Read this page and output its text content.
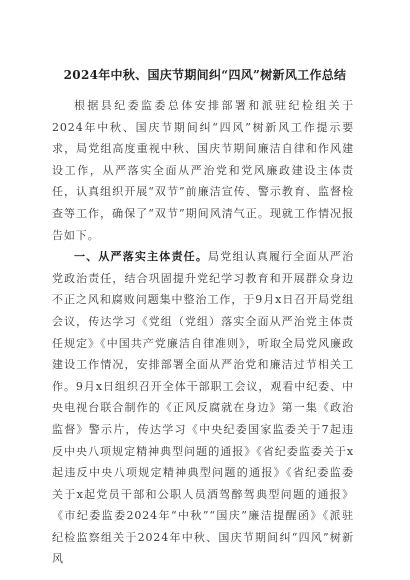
2024年中秋、国庆节期间纠“四风”树新风工作总结

根据县纪委监委总体安排部署和派驻纪检组关于2024年中秋、国庆节期间纠“四风”树新风工作提示要求，局党组高度重视中秋、国庆节期间廉洁自律和作风建设工作，从严落实全面从严治党和党风廉政建设主体责任，认真组织开展“双节”前廉洁宣传、警示教育、监督检查等工作，确保了“双节”期间风清气正。现就工作情况报告如下。

一、从严落实主体责任。局党组认真履行全面从严治党政治责任，结合巩固提升党纪学习教育和开展群众身边不正之风和腐败问题集中整治工作，于9月x日召开局党组会议，传达学习《党组（党组）落实全面从严治党主体责任规定》《中国共产党廉洁自律准则》，听取全局党风廉政建设工作情况，安排部署全面从严治党和廉洁过节相关工作。9月x日组织召开全体干部职工会议，观看中纪委、中央电视台联合制作的《正风反腐就在身边》第一集《政治监督》警示片，传达学习《中央纪委国家监委关于7起违反中央八项规定精神典型问题的通报》《省纪委监委关于x起违反中央八项规定精神典型问题的通报》《省纪委监委关于x起党员干部和公职人员酒驾醉驾典型问题的通报》《市纪委监委2024年“中秋”“国庆”廉洁提醒函》《派驻纪检监察组关于2024年中秋、国庆节期间纠“四风”树新风
